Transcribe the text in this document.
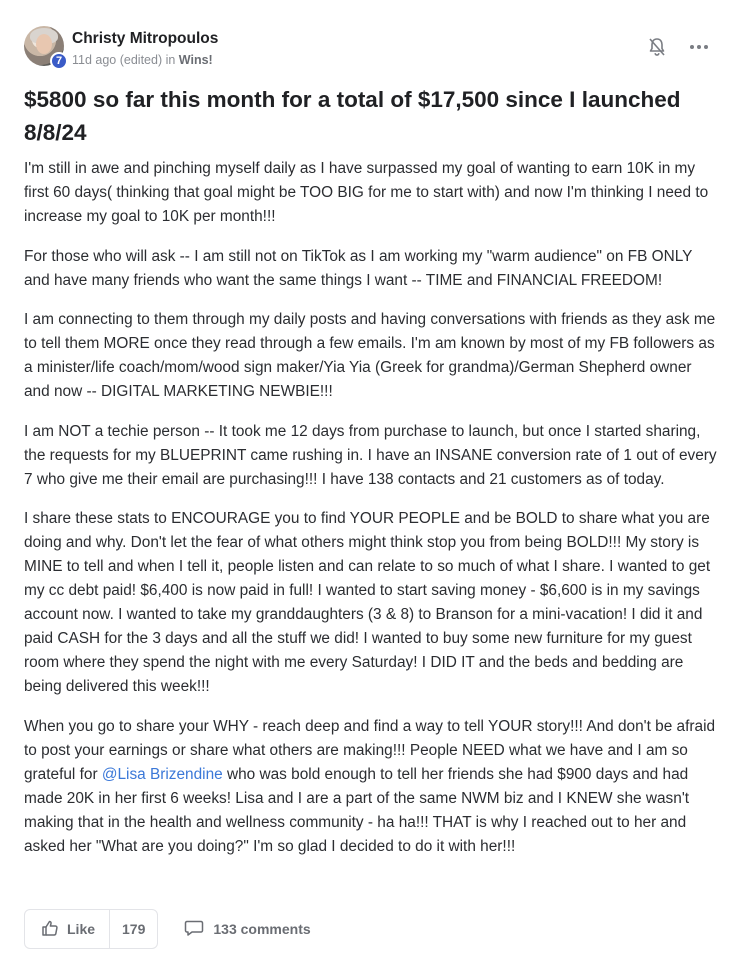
7
Christy Mitropoulos
11d ago (edited) in Wins!
$5800 so far this month for a total of $17,500 since I launched 8/8/24

I'm still in awe and pinching myself daily as I have surpassed my goal of wanting to earn 10K in my first 60 days( thinking that goal might be TOO BIG for me to start with) and now I'm thinking I need to increase my goal to 10K per month!!!

For those who will ask -- I am still not on TikTok as I am working my "warm audience" on FB ONLY and have many friends who want the same things I want -- TIME and FINANCIAL FREEDOM!

I am connecting to them through my daily posts and having conversations with friends as they ask me to tell them MORE once they read through a few emails. I'm am known by most of my FB followers as a minister/life coach/mom/wood sign maker/Yia Yia (Greek for grandma)/German Shepherd owner and now -- DIGITAL MARKETING NEWBIE!!!

I am NOT a techie person -- It took me 12 days from purchase to launch, but once I started sharing, the requests for my BLUEPRINT came rushing in. I have an INSANE conversion rate of 1 out of every 7 who give me their email are purchasing!!! I have 138 contacts and 21 customers as of today.

I share these stats to ENCOURAGE you to find YOUR PEOPLE and be BOLD to share what you are doing and why. Don't let the fear of what others might think stop you from being BOLD!!! My story is MINE to tell and when I tell it, people listen and can relate to so much of what I share. I wanted to get my cc debt paid! $6,400 is now paid in full! I wanted to start saving money - $6,600 is in my savings account now. I wanted to take my granddaughters (3 & 8) to Branson for a mini-vacation! I did it and paid CASH for the 3 days and all the stuff we did! I wanted to buy some new furniture for my guest room where they spend the night with me every Saturday! I DID IT and the beds and bedding are being delivered this week!!!

When you go to share your WHY - reach deep and find a way to tell YOUR story!!! And don't be afraid to post your earnings or share what others are making!!! People NEED what we have and I am so grateful for @Lisa Brizendine who was bold enough to tell her friends she had $900 days and had made 20K in her first 6 weeks! Lisa and I are a part of the same NWM biz and I KNEW she wasn't making that in the health and wellness community - ha ha!!! THAT is why I reached out to her and asked her "What are you doing?" I'm so glad I decided to do it with her!!!

Like	179	133 comments
